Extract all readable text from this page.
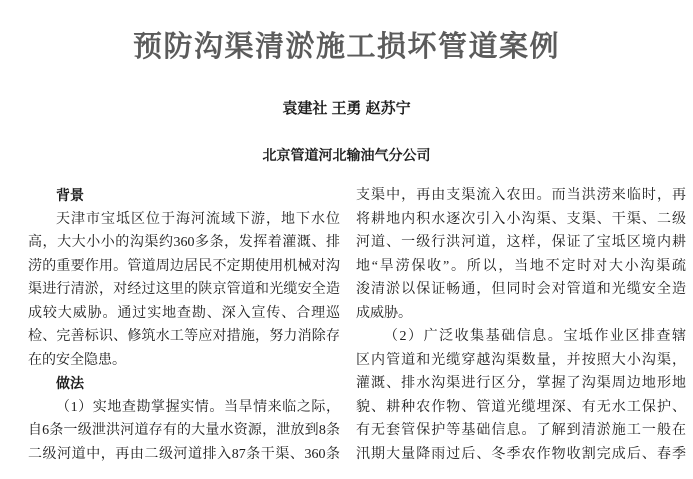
预防沟渠清淤施工损坏管道案例
袁建社 王勇 赵苏宁
北京管道河北输油气分公司
背景
天津市宝坻区位于海河流域下游，地下水位
高，大大小小的沟渠约360多条，发挥着灌溉、排
涝的重要作用。管道周边居民不定期使用机械对沟
渠进行清淤，对经过这里的陕京管道和光缆安全造
成较大威胁。通过实地查勘、深入宣传、合理巡
检、完善标识、修筑水工等应对措施，努力消除存
在的安全隐患。
做法
（1）实地查勘掌握实情。当旱情来临之际，
自6条一级泄洪河道存有的大量水资源，泄放到8条
二级河道中，再由二级河道排入87条干渠、360条
支渠中，再由支渠流入农田。而当洪涝来临时，再
将耕地内积水逐次引入小沟渠、支渠、干渠、二级
河道、一级行洪河道，这样，保证了宝坻区境内耕
地“旱涝保收”。所以，当地不定时对大小沟渠疏
浚清淤以保证畅通，但同时会对管道和光缆安全造
成威胁。
（2）广泛收集基础信息。宝坻作业区排查辖
区内管道和光缆穿越沟渠数量，并按照大小沟渠，
灌溉、排水沟渠进行区分，掌握了沟渠周边地形地
貌、耕种农作物、管道光缆埋深、有无水工保护、
有无套管保护等基础信息。了解到清淤施工一般在
汛期大量降雨过后、冬季农作物收割完成后、春季
